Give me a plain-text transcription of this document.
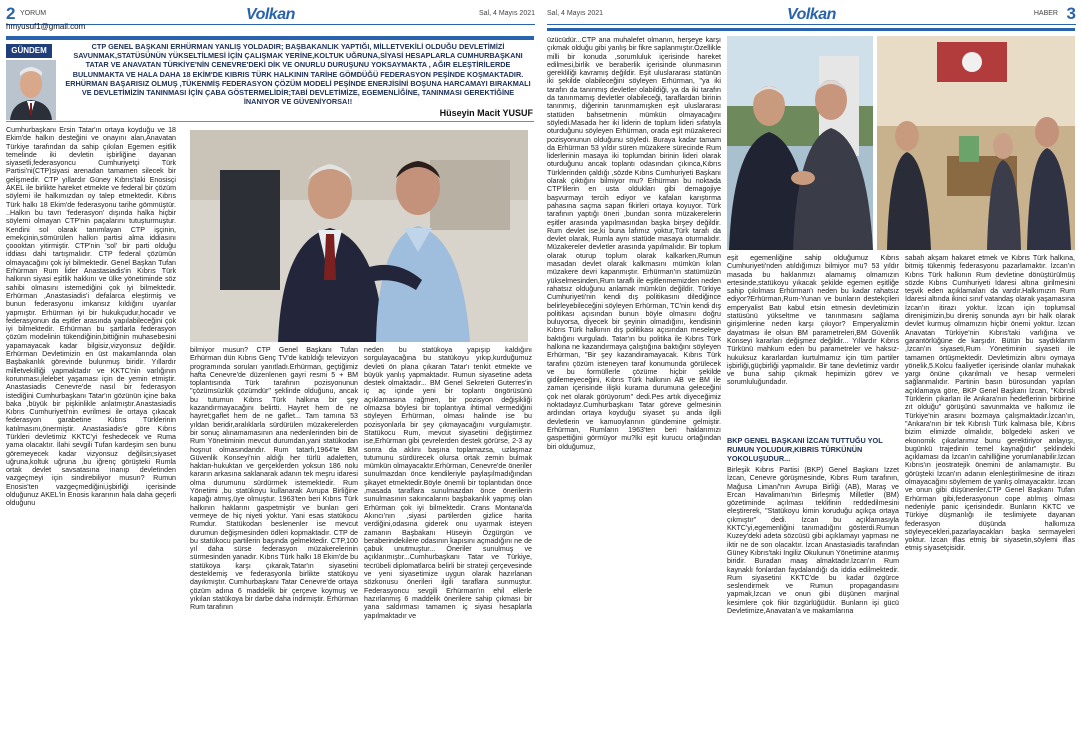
2 YORUM	Volkan	Sal, 4 Mayıs 2021
hmyusuf1@gmail.com
GÜNDEM	CTP GENEL BAŞKANI ERHÜRMAN YANLIŞ YOLDADIR; BAŞBAKANLIK YAPTIĞI, MİLLETVEKİLİ OLDUĞU DEVLETİMİZİ SAVUNMAK,STATÜSÜNÜN YÜKSELTİLMESİ İÇİN ÇALIŞMAK YERİNE,KOLTUK UĞRUNA,SİYASİ HESAPLARLA CUMHURBAŞKANI TATAR VE ANAVATAN TÜRKİYE'NİN CENEVRE'DEKİ DİK VE ONURLU DURUŞUNU YOKSAYMAKTA , AĞIR ELEŞTİRİLERDE BULUNMAKTA VE HALA DAHA 18 EKİM'DE KIBRIS TÜRK HALKININ TARİHE GÖMDÜĞÜ FEDERASYON PEŞİNDE KOŞMAKTADIR. ERHÜRMAN BAŞARISIZ OLMUŞ ,TÜKENMİŞ FEDERASYON ÇÖZÜM MODELİ PEŞİNDE ENERJİSİNİ BOŞUNA HARCAMAYI BIRAKMALI VE DEVLETİMİZİN TANINMASI İÇİN ÇABA GÖSTERMELİDİR;TABİ DEVLETİMİZE, EGEMENLİĞİNE, TANINMASI GEREKTİĞİNE İNANIYOR VE GÜVENİYORSA!!
Hüseyin Macit YUSUF
Cumhurbaşkanı Ersin Tatar'ın ortaya koyduğu ve 18 Ekim'de halkın desteğini ve onayını alan,Anavatan Türkiye tarafından da sahip çıkılan Egemen eşitlik temelinde iki devletin işbirliğine dayanan siyasetli,federasyoncu Cumhuriyetçi Türk Partisi'ni(CTP)siyasi arenadan tamamen silecek bir gelişmedir. CTP yıllardır Güney Kıbrıs'taki Enosisçi AKEL ile birlikte hareket etmekte ve federal bir çözüm söylemi ile halkımızdan oy talep etmektedir. Kıbrıs Türk halkı 18 Ekim'de federasyonu tarihe gömmüştür. ..Halkın bu tavrı 'federasyon' dışında halka hiçbir söylemi olmayan CTP'nin paçalarını tutuşturmuştur. Kendini sol olarak tanımlayan CTP işçinin, emekçinin,sömürülen halkın partisi alma iddiasını çoooktan yitirmiştir. CTP'nin 'sol' bir parti olduğu iddiası dahi tartışmalıdır. CTP federal çözümün olmayacağını çok iyi bilmektedir. Genel Başkan Tufan Erhürman Rum lider Anastasiadis'in Kıbrıs Türk halkının siyasi eşitlik hakkını ve ülke yönetiminde söz sahibi olmasını istemediğini çok iyi bilmektedir. Erhürman ,Anastasiadis'i defalarca eleştirmiş ve bunun federasyonu imkansız kıldığını uyarılar yapmıştır. Erhürman iyi bir hukukçudur,hocadır ve federasyonun da eşitler arasında yapılabileceğini çok iyi bilmektedir. Erhürman bu şartlarla federasyon çözüm modelinin tükendiğinin,bittiğinin muhasebesini yapamayacak kadar bilgisiz,vizyonsuz değildir. Erhürman Devletimizin en üst makamlarında olan Başbakanlık görevinde bulunmuş biridir. Yıllardır milletvekilliği yapmaktadır ve KKTC'nin varlığının korunması,ilelebet yaşaması için de yemin etmiştir. Anastasiadis Cenevre'de nasıl bir federasyon istediğini Cumhurbaşkanı Tatar'ın gözünün içine baka baka ,büyük bir pişkinlikle anlatmıştır.Anastasiadis Kıbrıs Cumhuriyeti'nin evrilmesi ile ortaya çıkacak federasyon garabetine Kıbrıs Türklerinin katılmasını,önermiştir. Anastasiadis'e göre Kıbrıs Türkleri devletimiz KKTC'yi feshedecek ve Ruma yama olacaktır. İlahi sevgili Tufan kardeşim sen bunu göremeyecek kadar vizyonsuz değilsin;siyaset uğruna,koltuk uğruna ,bu iğrenç görüşteki Rumla ortak devlet savsatasına inanıp devletinden vazgeçmeyi için sindirebiliyor musun? Rumun Enosis'ten vazgeçmediğini,işbirliği içerisinde olduğunuz AKEL'in Enosis kararının hala daha geçerli olduğunu
bilmiyor musun? CTP Genel Başkanı Tufan Erhürman dün Kıbrıs Genç TV'de katıldığı televizyon programında soruları yanıtladı.Erhürman, geçtiğimiz hafta Cenevre'de düzenlenen gayri resmi 5 + BM toplantısında Türk tarafının pozisyonunun "çözümsüzlük çözümdür" şeklinde olduğunu, ancak bu tutumun Kıbrıs Türk halkına bir şey kazandırmayacağını belirtti. Hayret hem de ne hayret;gaflet hem de ne gaflet... Tam tamına 53 yıldan beridir,aralıklarla sürdürülen müzakerelerden bir sonuç alınamamasının ana nedenlerinden biri de Rum Yönetiminin mevcut durumdan,yani statükodan hoşnut olmasındandır. Rum tatarfı,1964'te BM Güvenlik Konseyi'nin aldığı her türlü adaletten, haktan-hukuktan ve gerçeklerden yoksun 186 nolu kararın arkasına saklanarak adanın tek meşru idaresi olma durumunu sürdürmek istemektedir. Rum Yönetimi ,bu statükoyu kullanarak Avrupa Birliğine kapağı atmış,üye olmuştur. 1963'ten beri Kıbrıs Türk halkının haklarını gaspetmiştir ve bunları geri vermeye de hiç niyeti yoktur. Yani esas statükocu Rumdur. Statükodan beslenenler ise mevcut durumun değişmesinden ödleri kopmaktadır. CTP de bu statükocu partilerin başında gelmektedir. CTP,100 yıl daha sürse federasyon müzakerelerinin sürmesinden yanadır. Kıbrıs Türk halkı 18 Ekim'de bu statükoya karşı çıkarak,Tatar'ın siyasetini desteklemiş ve federasyonla birlikte statükoyu dayıkmıştır. Cumhurbaşkanı Tatar Cenevre'de ortaya çözüm adına 6 maddelik bir çerçeve koymuş ve yıkılan statükoya bir darbe daha indirmiştir. Erhürman Rum tarafının
neden bu statükoya yapışıp kaldığını sorgulayacağına bu statükoyu yıkıp,kurduğumuz devleti ön plana çıkaran Tatar'ı tenkit etmekte ve büyük yanlış yapmaktadır. Rumun siyasetine adeta destek olmaktadır... BM Genel Sekreteri Guterres'in iç aç içinde yeni bir toplantı öngörüsünü açıklamasına rağmen, bir pozisyon değişikliği olmazsa böylesi bir toplantıya ihtimal vermediğini söyleyen Erhürman, olması halinde ise bu pozisyonlarla bir şey çıkmayacağını vurgulamıştır. Statükocu Rum, mevcut siyasetini değiştirmez ise,Erhürman gibi çevrelerden destek görürse, 2-3 ay sonra da aklını başına toplamazsa, uzlaşmaz tutumunu sürdürecek olursa ortak zemin bulmak mümkün olmayacaktır.Erhürman, Cenevre'de öneriler sunulmazdan önce kendileriyle paylaşılmadığından şikayet etmektedir.Böyle önemli bir toplantıdan önce ,masada taraflara sunulmazdan önce önerilerin sunulmasının sakıncalarını başbakanlık yapmış olan Erhürman çok iyi bilmektedir. Crans Montana'da Akıncı'nın ,siyasi partilerden gizlice harita verdiğini,odasına giderek onu uyarmak isteyen zamanın Başbakanı Hüseyin Özgürgün ve beraberindekilere odasının kapısını açmadığını ne de çabuk unutmuştur... Öneriler sunulmuş ve açıklanmıştır...Cumhurbaşkanı Tatar ve Türkiye, tecrübeli diplomatlarca belirli bir strateji çerçevesinde ve yeni siyasetimize uygun olarak hazırlanan sözkonusu önerileri ilgili taraflara sunmuştur. Federasyoncu sevgili Erhürman'ın ehil ellerle hazırlanmış 6 maddelik önerilere sahip çıkması bir yana saldırması tamamen iç siyasi hesaplarla yapılmaktadır ve
Sal, 4 Mayıs 2021	Volkan	HABER 3
üzücüdür...CTP ana muhalefet olmanın, herşeye karşı çıkmak olduğu gibi yanlış bir fikre saplanmıştır.Özellikle milli bir konuda ,sorumluluk içerisinde hareket edilmesi,birlik ve beraberlik içerisinde olunmasının gerekliliği kavramış değildir. Eşit uluslararası statünün iki şekilde olabileceğini söyleyen Erhürman, "ya iki tarafın da tanınmış devletler olabildiği, ya da iki tarafın da tanınmamış devletler olabileceği, taraflardan birinin tanınmış, diğerinin tanınmamışken eşit uluslararası statüden bahsetmenin mümkün olmayacağını söyledi.Masada her iki liderin de toplum lideri sıfatıyla oturduğunu söyleyen Erhürman, orada eşit müzakereci pozisyonunun olduğunu söyledi. Buraya kadar tamam da Erhürman 53 yıldır süren müzakere sürecinde Rum liderlerinin masaya iki toplumdan birinin lideri olarak oturduğunu ancak toplantı odasından çıkınca,Kıbrıs Türklerinden çaldığı ,sözde Kıbrıs Cumhuriyeti Başkanı olarak çıktığını bilmiyor mu? Erhürman bu noktada CTP'lilerin en usta oldukları gibi demagojiye başvurmayı tercih ediyor ve kafaları karıştırma pahasına saçma sapan fikirleri ortaya koyuyor. Türk tarafının yaptığı öneri ,bundan sonra müzakerelerin eşitler arasında yapılmasından başka birşey değildir. Rum devlet ise,ki buna lafımız yoktur,Türk tarafı da devlet olarak, Rumla aynı statüde masaya oturmalıdır. Müzakereler devletler arasında yapılmalıdır. Bir toplum olarak oturup toplum olarak kalkarken,Rumun masadan devlet olarak kalkmasını mümkün kılan müzakere devri kapanmıştır. Erhürman'ın statümüzün yükselmesinden,Rum taraflı ile eşitlenmemizden neden rahatsız olduğunu anlamak mümkün değildir. Türkiye Cumhuriyeti'nin kendi dış politikasını dilediğince belirleyebileceğini söyleyen Erhürman, TC'nin kendi dış politikası açısından bunun böyle olmasını doğru buluyorsa, diyecek bir şeyinin olmadığını, kendisinin Kıbrıs Türk halkının dış politikası açısından meseleye baktığını vurguladı. Tatar'ın bu politika ile Kıbrıs Türk halkına ne kazandırmaya çalıştığına baktığını söyleyen Erhürman, "Bir şey kazandıramayacak. Kıbrıs Türk tarafını çözüm isteneyen taraf konumunda görülecek ve bu formüllerle çözüme hiçbir şekilde gidilemeyeceğini, Kıbrıs Türk halkının AB ve BM ile zaman içerisinde ilişki kurama durumuna geleceğini çok net olarak görüyorum" dedi.Pes artık diyeceğimiz noktadayız.Cumhurbaşkanı Tatar göreve gelmesinin ardından ortaya koyduğu siyaset şu anda ilgili devletlerin ve kamuoylarının gündemine gelmiştir. Erhürman, Rumların 1963'ten beri haklarımızı gaspettiğini görmüyor mu?İki eşit kurucu ortağından biri olduğumuz,
eşit egemenliğine sahip olduğumuz Kıbrıs Cumhuriyeti'nden atıldığımızı bilmiyor mu? 53 yıldır masada bu haklarımızı alamamış olmamızın ertesinde,statükoyu yıkacak şekilde egemen eşitliğe sahip çıkılması Erhürman'ı neden bu kadar rahatsız ediyor?Erhürman,Rum-Yunan ve bunların destekçileri emperyalist Batı kabul etsin etmesin devletimizin statüsünü yükseltme ve tanınmasını sağlama girişimlerine neden karşı çıkıyor? Emperyalizmin dayatması ile olsun BM parametreleri,BM Güvenlik Konseyi kararları değişmez değildir... Yıllardır Kıbrıs Türkünü mahkum eden bu parametreler ve haksız-hukuksuz kararlardan kurtulmamız için tüm partiler işbirliği,güçbirliği yapmalıdır. Bir tane devletimiz vardır ve buna sahip çıkmak hepimizin görev ve sorumluluğundadır.
BKP GENEL BAŞKANI İZCAN TUTTUĞU YOL RUMUN YOLUDUR,KIBRIS TÜRKÜNÜN YOKOLUŞUDUR...
Birleşik Kıbrıs Partisi (BKP) Genel Başkanı İzzet İzcan, Cenevre görüşmesinde, Kıbrıs Rum tarafının, Mağusa Liman/'nın Avrupa Birliği (AB), Maraş ve Ercan Havalimanı'nın Birleşmiş Milletler (BM) gözetiminde açılması teklifinin reddedilmesini eleştirerek, "Statükoyu kimin koruduğu açıkça ortaya çıkmıştır" dedi. İzcan bu açıklamasıyla KKTC'yi,egemenliğini tanımadığını gösterdi.Rumun Kuzey'deki adeta sözcüsü gibi açıklamayı yapması ne iktir ne de son olacaktır. İzcan Anastasiadis tarafından Güney Kıbrıs'taki İngiliz Okulunun Yönetimine atanmış biridir. Buradan maaş almaktadır.İzcan'ın Rum kaynaklı fonlardan faydalandığı da iddia edilmektedir. Rum siyasetini KKTC'de bu kadar özgürce seslendirmek ve Rumun propagandasını yapmak,İzcan ve onun gibi düşünen marjinal kesimlere çok fikir özgürlüğüdür. Bunların işi gücü Devletimize,Anavatan'a ve makamlarına
sabah akşam hakaret etmek ve Kıbrıs Türk halkına, bitmiş tükenmiş federasyonu pazarlamaktır. İzcan'ın Kıbrıs Türk halkının Rum devletine dönüştürülmüş sözde Kıbrıs Cumhuriyeti İdaresi altına girilmesini teşvik eden açıklamaları da vardır.Halkımızın Rum İdaresi altında ikinci sınıf vatandaş olarak yaşamasına İzcan'ın itirazı yoktur. İzcan için toplumsal direnişimizin,bu direniş sonunda ayrı bir halk olarak devlet kurmuş olmamızın hiçbir önemi yoktur. İzcan Anavatan Türkiye'nin Kıbrıs'taki varlığına ve garantörlüğüne de karşıdır. Bütün bu saydıklarım ,İzcan'ın siyaseti,Rum Yönetiminin siyaseti ile tamamen örtüşmektedir. Devletimizin altını oymaya yönelik,5.Kolcu faaliyetler içerisinde olanlar muhakak yargı önüne çıkarılmalı ve hesap vermeleri sağlanmalıdır. Partinin basın bürosundan yapılan açıklamaya göre, BKP Genel Başkanı İzcan, "Kıbrısli Türklerin çıkarları ile Ankara'nın hedeflerinin birbirine zıt olduğu" görüşünü savunmakta ve halkımız ile Türkiye'nin arasını bozmaya çalışmaktadır.İzcan'ın, "Ankara'nın bir tek Kıbrıslı Türk kalmasa bile, Kıbrıs bizim elimizde olmalıdır, bölgedeki askeri ve ekonomik çıkarlarımız bunu gerektiriyor anlayışı, bugünkü trajedinin temel kaynağıdır" şeklindeki açıklaması da İzcan'ın cahilliğine yorumlanabilir.İzcan Kıbrıs'ın jeostratejik önemini de anlamamıştır. Bu görüşteki İzcan'ın adanın elenleştirilmesine de itirazı olmayacağını söylemem de yanlış olmayacaktır. İzcan ve onun gibi düşünenler,CTP Genel Başkanı Tufan Erhürman gibi,federasyonun cope atılmış olması nedeniyle panic içerisindedir. Bunların KKTC ve Türkiye düşmanlığı ile teslimiyete dayanan federasyon düşünda halkımıza söyleyecekleri,pazarlayacakları başka sermayeleri yoktur. İzcan iflas etmiş bir siyasetin,söylemi iflas etmiş siyasetçisidir.
